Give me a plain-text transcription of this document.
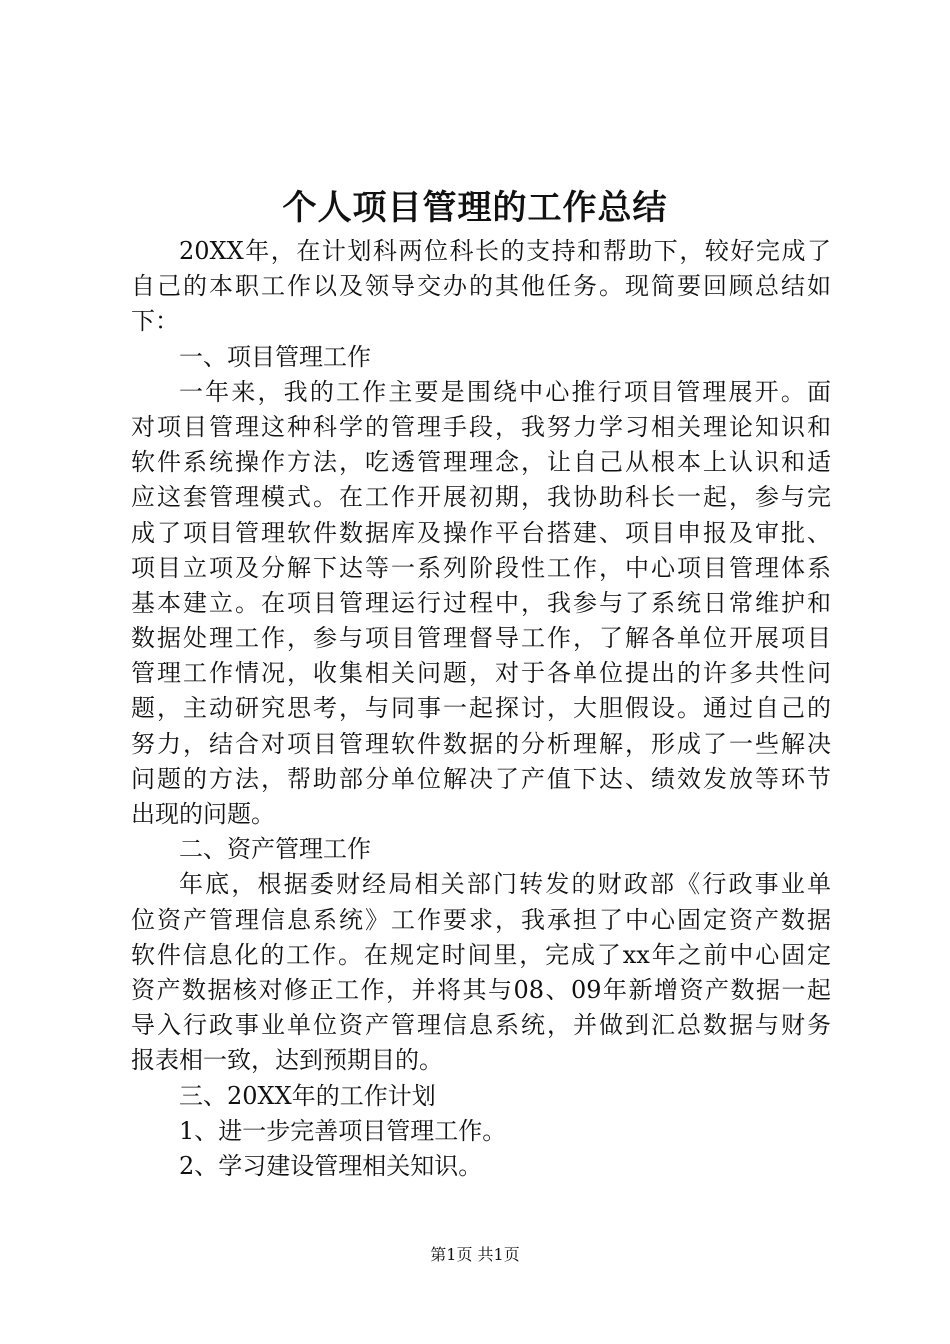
个人项目管理的工作总结
20XX年，在计划科两位科长的支持和帮助下，较好完成了
自己的本职工作以及领导交办的其他任务。现简要回顾总结如
下：
一、项目管理工作
一年来，我的工作主要是围绕中心推行项目管理展开。面
对项目管理这种科学的管理手段，我努力学习相关理论知识和
软件系统操作方法，吃透管理理念，让自己从根本上认识和适
应这套管理模式。在工作开展初期，我协助科长一起，参与完
成了项目管理软件数据库及操作平台搭建、项目申报及审批、
项目立项及分解下达等一系列阶段性工作，中心项目管理体系
基本建立。在项目管理运行过程中，我参与了系统日常维护和
数据处理工作，参与项目管理督导工作，了解各单位开展项目
管理工作情况，收集相关问题，对于各单位提出的许多共性问
题，主动研究思考，与同事一起探讨，大胆假设。通过自己的
努力，结合对项目管理软件数据的分析理解，形成了一些解决
问题的方法，帮助部分单位解决了产值下达、绩效发放等环节
出现的问题。
二、资产管理工作
年底，根据委财经局相关部门转发的财政部《行政事业单
位资产管理信息系统》工作要求，我承担了中心固定资产数据
软件信息化的工作。在规定时间里，完成了xx年之前中心固定
资产数据核对修正工作，并将其与08、09年新增资产数据一起
导入行政事业单位资产管理信息系统，并做到汇总数据与财务
报表相一致，达到预期目的。
三、20XX年的工作计划
1、进一步完善项目管理工作。
2、学习建设管理相关知识。
第1页 共1页
